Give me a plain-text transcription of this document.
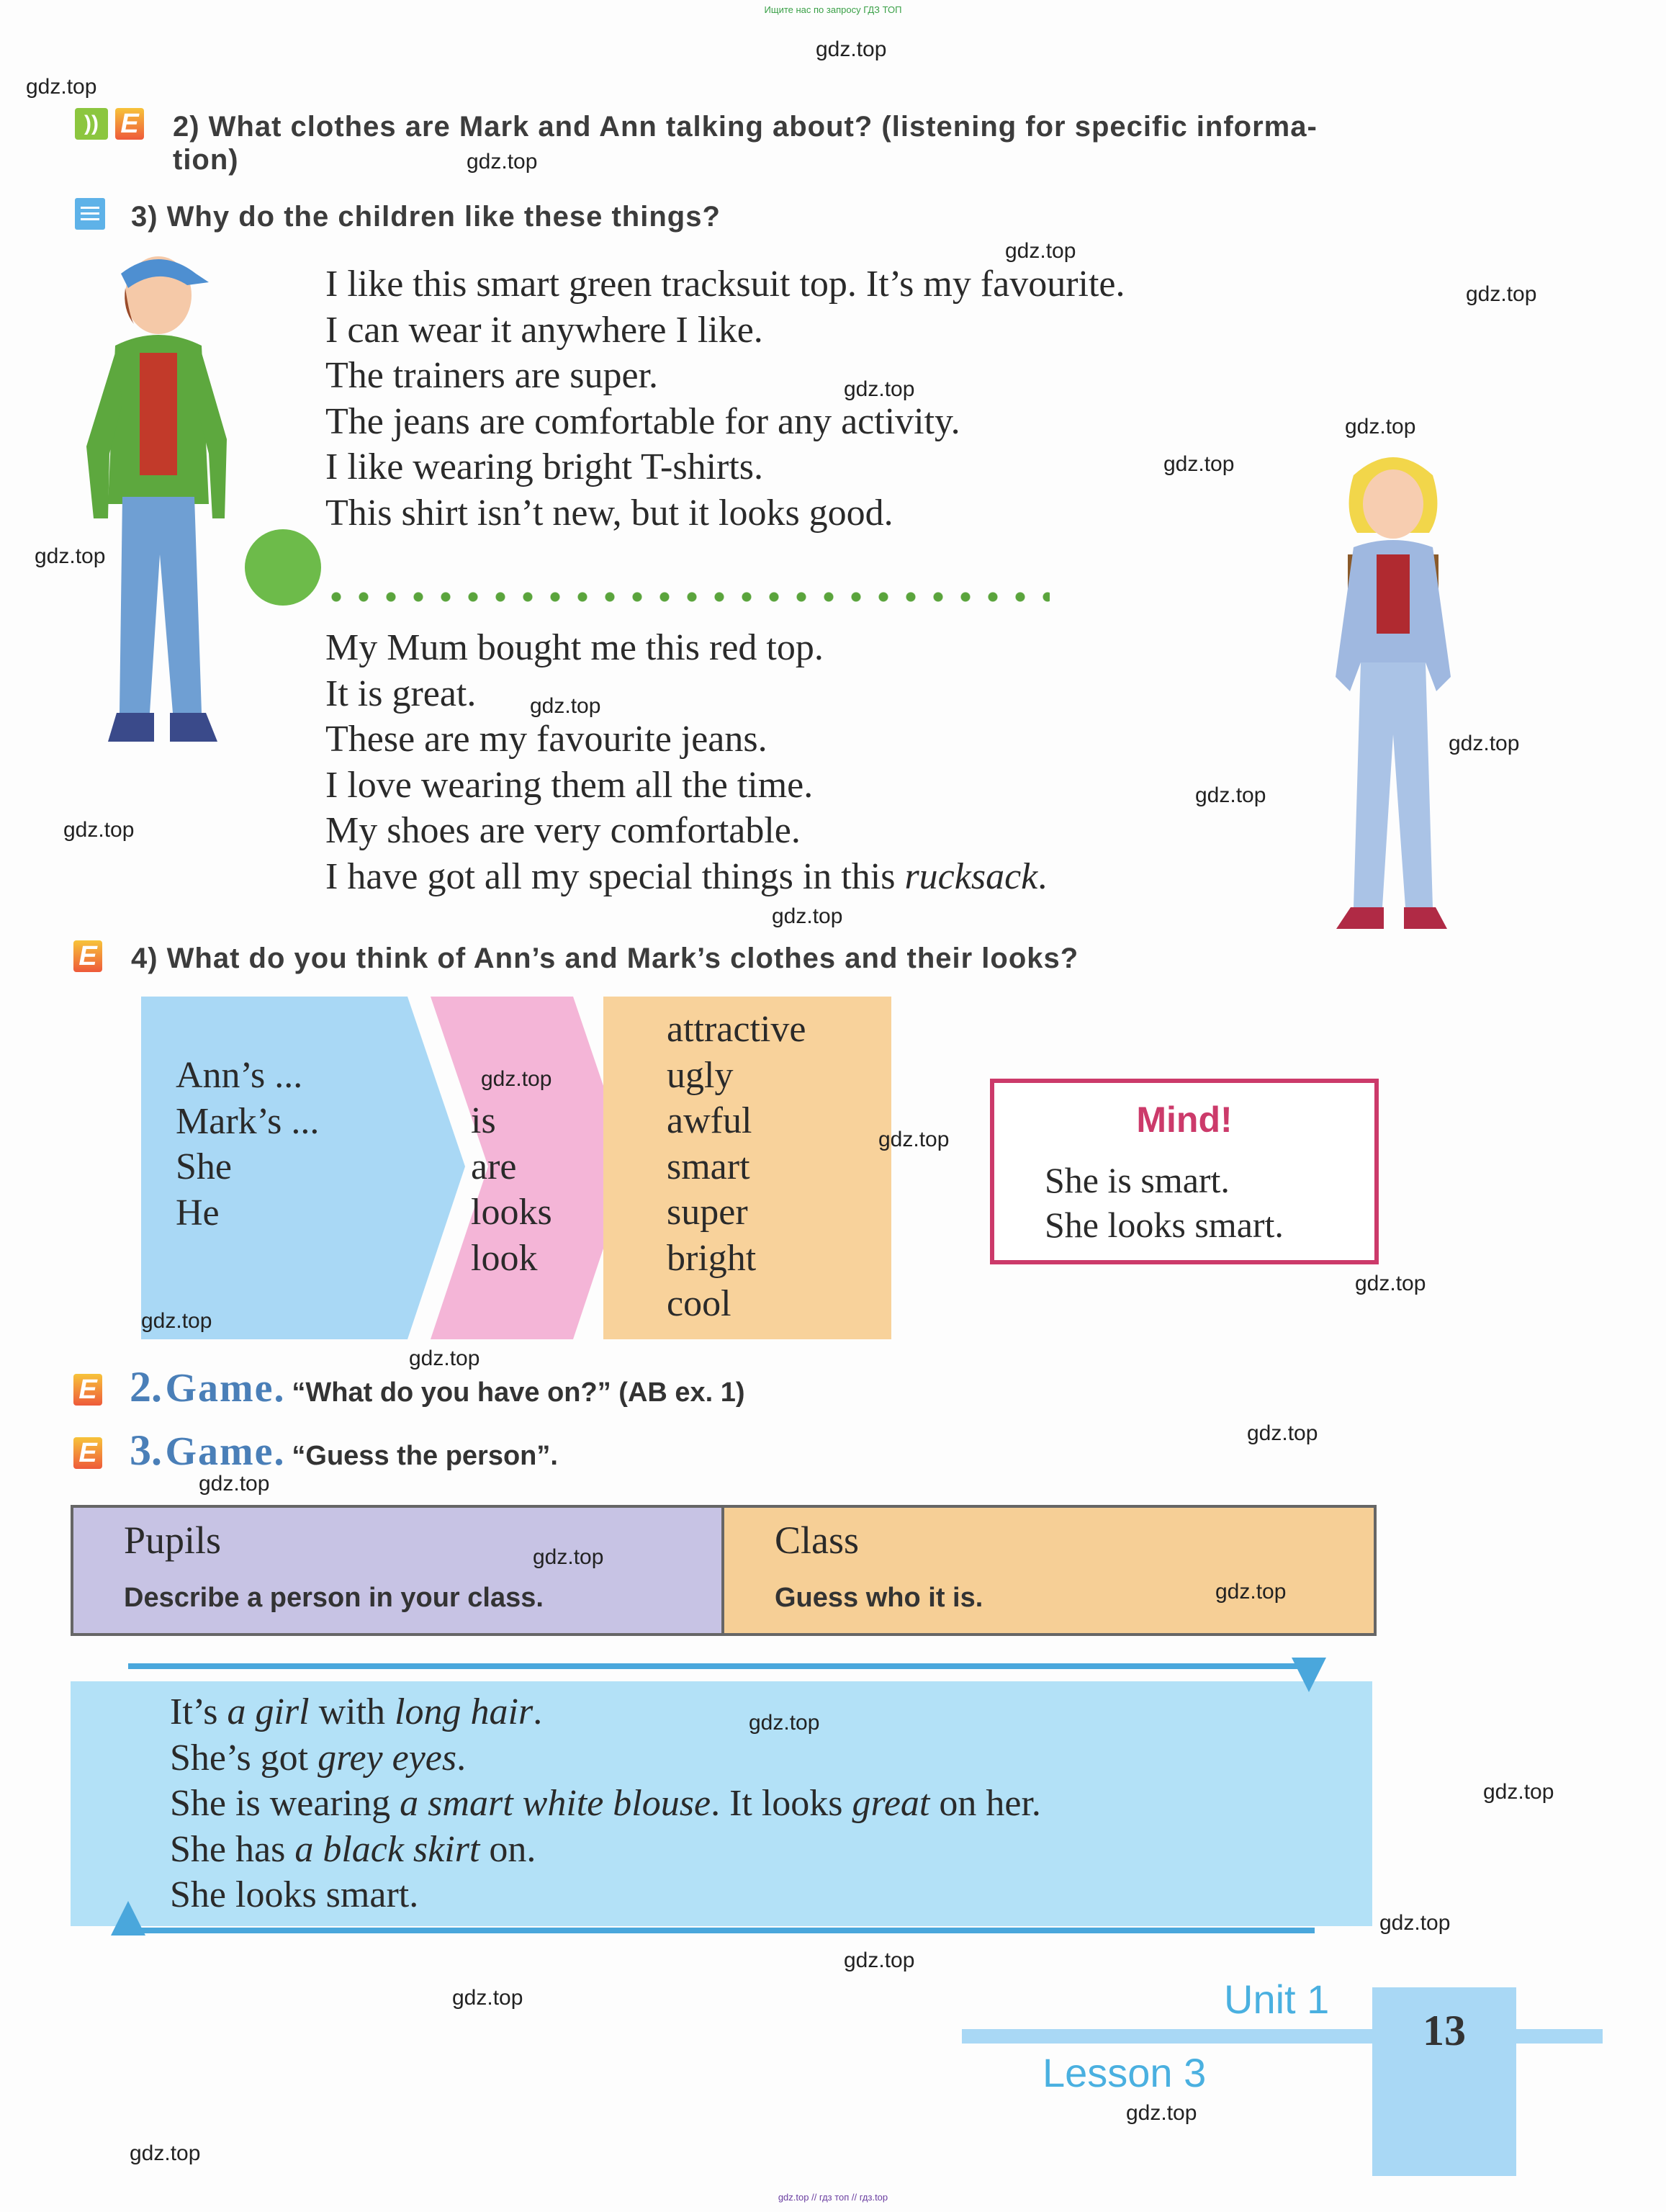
Ищите нас по запросу ГДЗ ТОП
)) E 2) What clothes are Mark and Ann talking about? (listening for specific informa-
tion)
3) Why do the children like these things?
I like this smart green tracksuit top. It’s my favourite.
I can wear it anywhere I like.
The trainers are super.
The jeans are comfortable for any activity.
I like wearing bright T-shirts.
This shirt isn’t new, but it looks good.
My Mum bought me this red top.
It is great.
These are my favourite jeans.
I love wearing them all the time.
My shoes are very comfortable.
I have got all my special things in this rucksack.
E 4) What do you think of Ann’s and Mark’s clothes and their looks?
Ann’s ...
Mark’s ...
She
He
is
are
looks
look
attractive
ugly
awful
smart
super
bright
cool
Mind!
She is smart.
She looks smart.
E 2. Game. “What do you have on?” (AB ex. 1)
E 3. Game. “Guess the person”.
Pupils
Describe a person in your class.
Class
Guess who it is.
It’s a girl with long hair.
She’s got grey eyes.
She is wearing a smart white blouse. It looks great on her.
She has a black skirt on.
She looks smart.
13
Unit 1
Lesson 3
gdz.top // гдз топ // гдз.top
gdz.top
gdz.top
gdz.top
gdz.top
gdz.top
gdz.top
gdz.top
gdz.top
gdz.top
gdz.top
gdz.top
gdz.top
gdz.top
gdz.top
gdz.top
gdz.top
gdz.top
gdz.top
gdz.top
gdz.top
gdz.top
gdz.top
gdz.top
gdz.top
gdz.top
gdz.top
gdz.top
gdz.top
gdz.top
gdz.top
